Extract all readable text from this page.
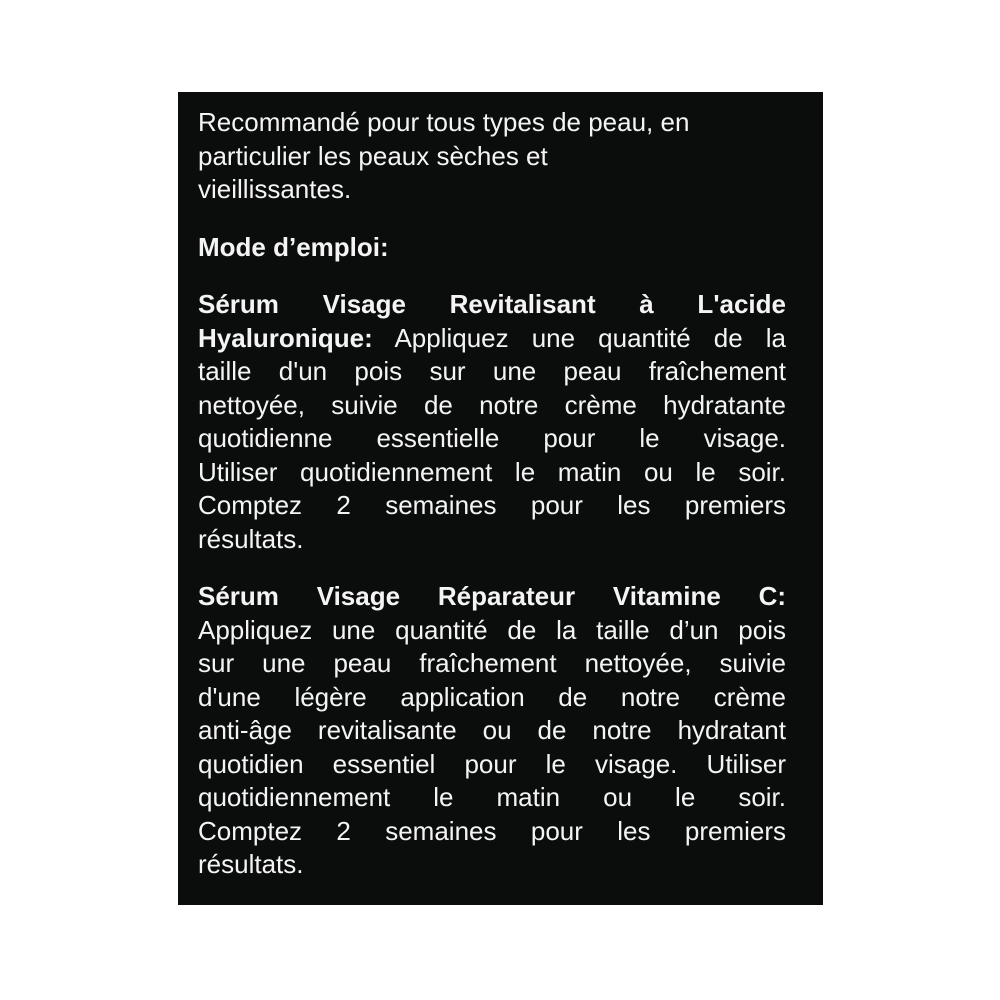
Recommandé pour tous types de peau, en
particulier les peaux sèches et
vieillissantes.
Mode d’emploi:
Sérum Visage Revitalisant à L'acide
Hyaluronique: Appliquez une quantité de la
taille d'un pois sur une peau fraîchement
nettoyée, suivie de notre crème hydratante
quotidienne essentielle pour le visage.
Utiliser quotidiennement le matin ou le soir.
Comptez 2 semaines pour les premiers
résultats.
Sérum Visage Réparateur Vitamine C:
Appliquez une quantité de la taille d’un pois
sur une peau fraîchement nettoyée, suivie
d'une légère application de notre crème
anti-âge revitalisante ou de notre hydratant
quotidien essentiel pour le visage. Utiliser
quotidiennement le matin ou le soir.
Comptez 2 semaines pour les premiers
résultats.
